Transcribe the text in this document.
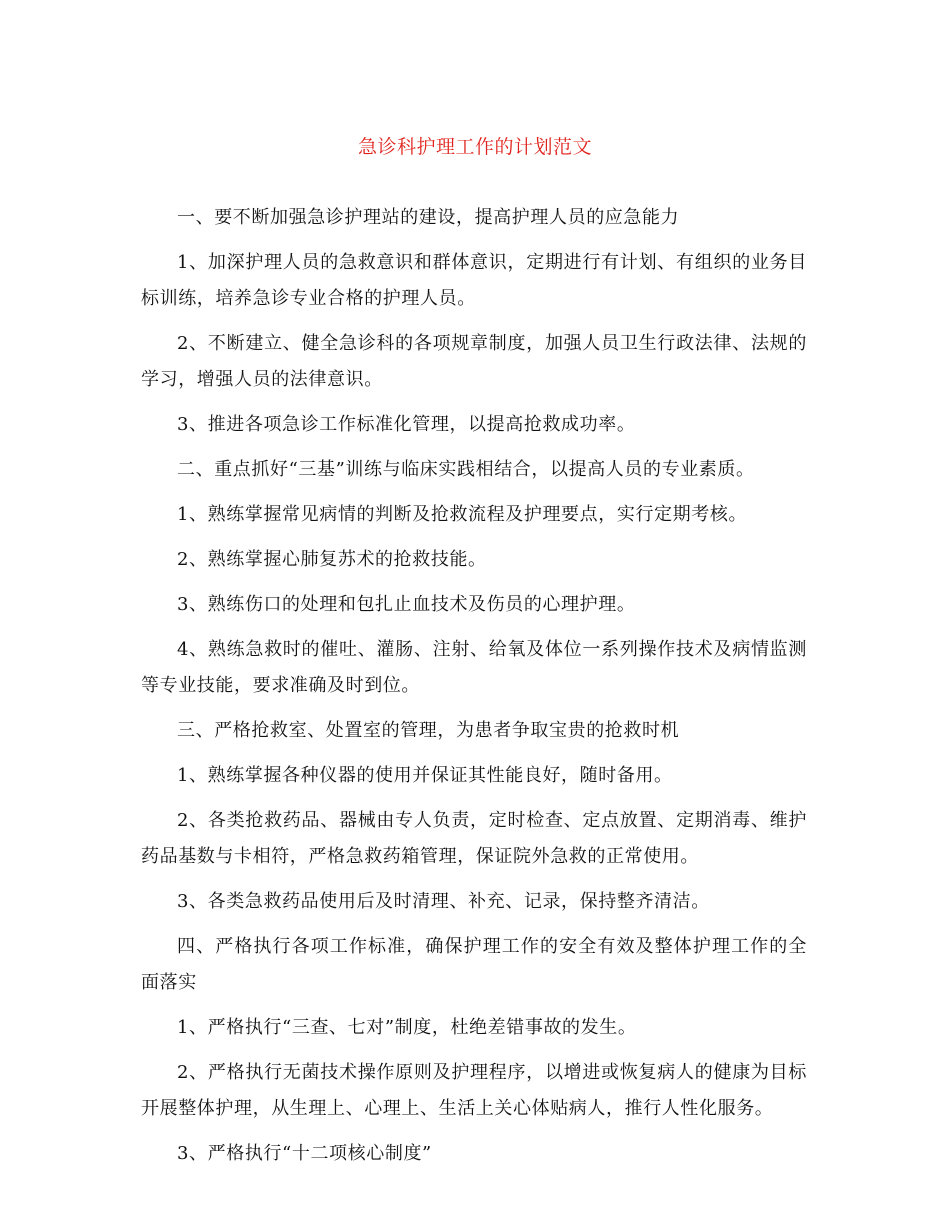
急诊科护理工作的计划范文

一、要不断加强急诊护理站的建设，提高护理人员的应急能力

1、加深护理人员的急救意识和群体意识，定期进行有计划、有组织的业务目标训练，培养急诊专业合格的护理人员。

2、不断建立、健全急诊科的各项规章制度，加强人员卫生行政法律、法规的学习，增强人员的法律意识。

3、推进各项急诊工作标准化管理，以提高抢救成功率。

二、重点抓好“三基”训练与临床实践相结合，以提高人员的专业素质。

1、熟练掌握常见病情的判断及抢救流程及护理要点，实行定期考核。

2、熟练掌握心肺复苏术的抢救技能。

3、熟练伤口的处理和包扎止血技术及伤员的心理护理。

4、熟练急救时的催吐、灌肠、注射、给氧及体位一系列操作技术及病情监测等专业技能，要求准确及时到位。

三、严格抢救室、处置室的管理，为患者争取宝贵的抢救时机

1、熟练掌握各种仪器的使用并保证其性能良好，随时备用。

2、各类抢救药品、器械由专人负责，定时检查、定点放置、定期消毒、维护药品基数与卡相符，严格急救药箱管理，保证院外急救的正常使用。

3、各类急救药品使用后及时清理、补充、记录，保持整齐清洁。

四、严格执行各项工作标准，确保护理工作的安全有效及整体护理工作的全面落实

1、严格执行“三查、七对”制度，杜绝差错事故的发生。

2、严格执行无菌技术操作原则及护理程序，以增进或恢复病人的健康为目标开展整体护理，从生理上、心理上、生活上关心体贴病人，推行人性化服务。

3、严格执行“十二项核心制度”
